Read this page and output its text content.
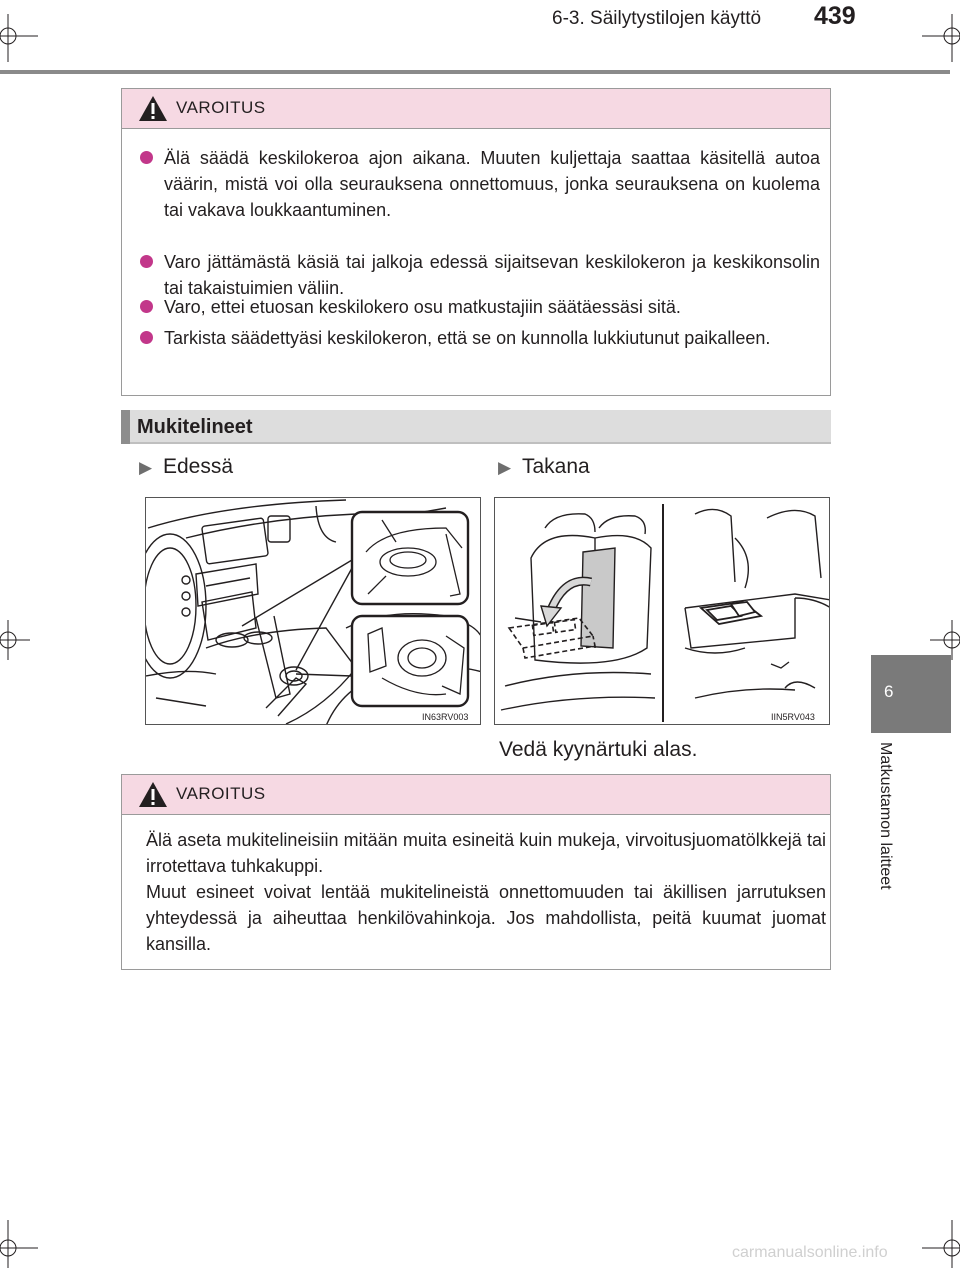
6-3. Säilytystilojen käyttö 439
6
Matkustamon laitteet
VAROITUS
Älä säädä keskilokeroa ajon aikana. Muuten kuljettaja saattaa käsitellä autoa väärin, mistä voi olla seurauksena onnettomuus, jonka seurauksena on kuolema tai vakava loukkaantuminen.
Varo jättämästä käsiä tai jalkoja edessä sijaitsevan keskilokeron ja keskikonsolin tai takaistuimien väliin.
Varo, ettei etuosan keskilokero osu matkustajiin säätäessäsi sitä.
Tarkista säädettyäsi keskilokeron, että se on kunnolla lukkiutunut paikalleen.
Mukitelineet
▶ Edessä	▶ Takana
IN63RV003	IIN5RV043
Vedä kyynärtuki alas.
VAROITUS
Älä aseta mukitelineisiin mitään muita esineitä kuin mukeja, virvoitusjuomatölkkejä tai irrotettava tuhkakuppi.
Muut esineet voivat lentää mukitelineistä onnettomuuden tai äkillisen jarrutuksen yhteydessä ja aiheuttaa henkilövahinkoja. Jos mahdollista, peitä kuumat juomat kansilla.
carmanualsonline.info
